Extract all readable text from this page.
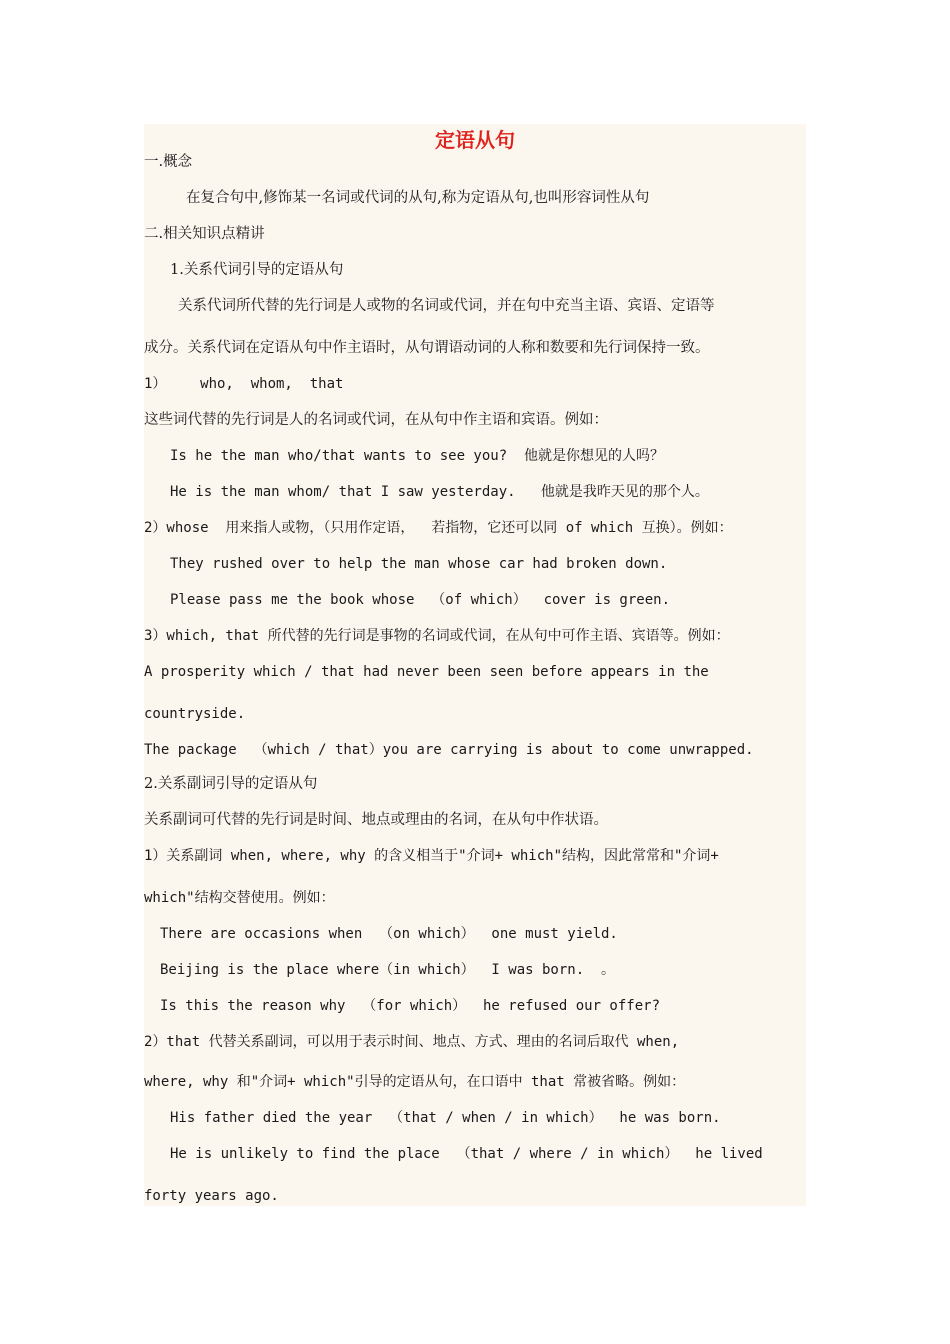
定语从句
一.概念
在复合句中,修饰某一名词或代词的从句,称为定语从句,也叫形容词性从句
二.相关知识点精讲
1.关系代词引导的定语从句
关系代词所代替的先行词是人或物的名词或代词，并在句中充当主语、宾语、定语等
成分。关系代词在定语从句中作主语时，从句谓语动词的人称和数要和先行词保持一致。
1）    who,  whom,  that
这些词代替的先行词是人的名词或代词，在从句中作主语和宾语。例如：
Is he the man who/that wants to see you?  他就是你想见的人吗？
He is the man whom/ that I saw yesterday.   他就是我昨天见的那个人。
2）whose  用来指人或物，（只用作定语，  若指物，它还可以同 of which 互换）。例如：
They rushed over to help the man whose car had broken down.
Please pass me the book whose  （of which）  cover is green.
3）which, that 所代替的先行词是事物的名词或代词，在从句中可作主语、宾语等。例如：
A prosperity which / that had never been seen before appears in the
countryside.
The package  （which / that）you are carrying is about to come unwrapped.
2.关系副词引导的定语从句
关系副词可代替的先行词是时间、地点或理由的名词，在从句中作状语。
1）关系副词 when, where, why 的含义相当于"介词+ which"结构，因此常常和"介词+
which"结构交替使用。例如：
There are occasions when  （on which）  one must yield.
Beijing is the place where（in which）  I was born.  。
Is this the reason why  （for which）  he refused our offer?
2）that 代替关系副词，可以用于表示时间、地点、方式、理由的名词后取代 when,
where, why 和"介词+ which"引导的定语从句，在口语中 that 常被省略。例如：
His father died the year  （that / when / in which）  he was born.
He is unlikely to find the place  （that / where / in which）  he lived
forty years ago.
